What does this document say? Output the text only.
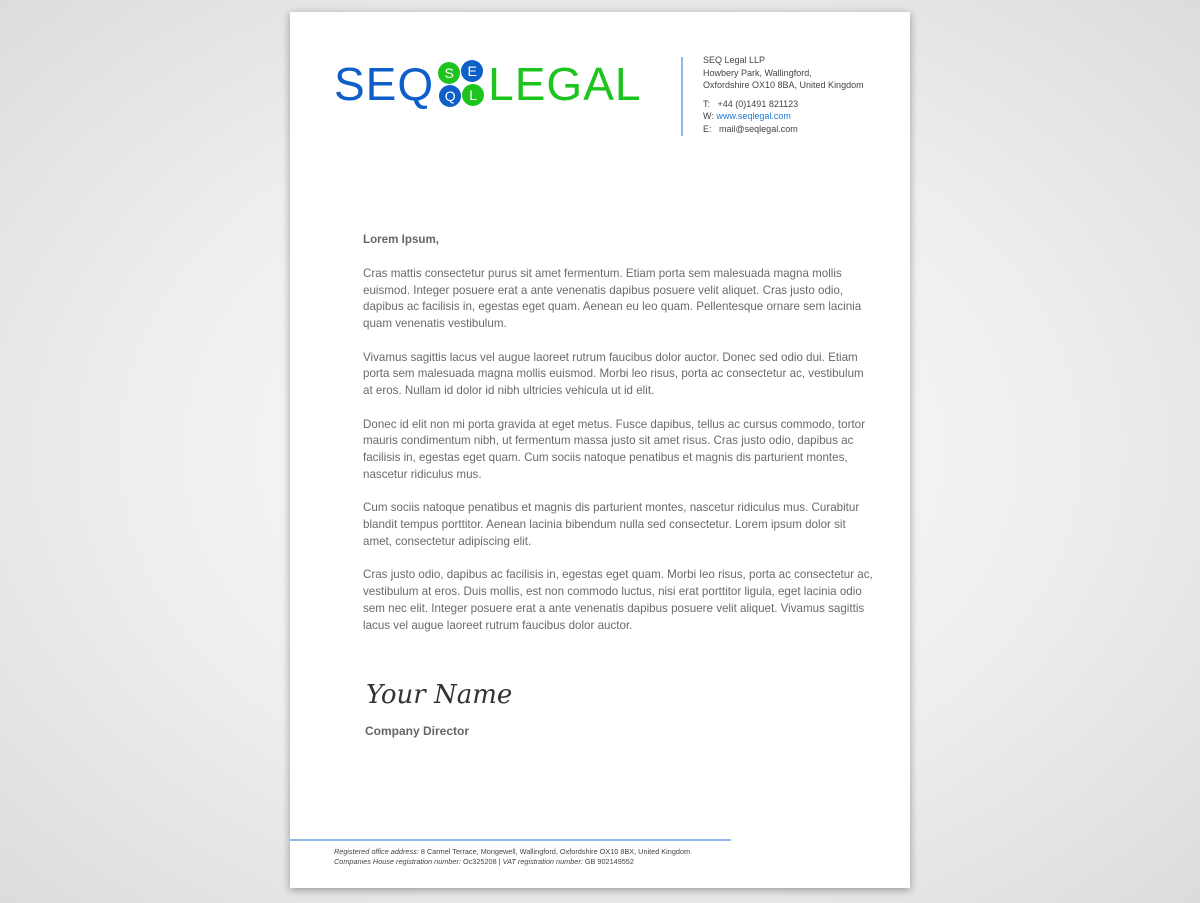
SEQ S E
Q L LEGAL	SEQ Legal LLP
Howbery Park, Wallingford,
Oxfordshire OX10 8BA, United Kingdom
T: +44 (0)1491 821123
W: www.seqlegal.com
E: mail@seqlegal.com
Lorem Ipsum,

Cras mattis consectetur purus sit amet fermentum. Etiam porta sem malesuada magna mollis euismod. Integer posuere erat a ante venenatis dapibus posuere velit aliquet. Cras justo odio, dapibus ac facilisis in, egestas eget quam. Aenean eu leo quam. Pellentesque ornare sem lacinia quam venenatis vestibulum.

Vivamus sagittis lacus vel augue laoreet rutrum faucibus dolor auctor. Donec sed odio dui. Etiam porta sem malesuada magna mollis euismod. Morbi leo risus, porta ac consectetur ac, vestibulum at eros. Nullam id dolor id nibh ultricies vehicula ut id elit.

Donec id elit non mi porta gravida at eget metus. Fusce dapibus, tellus ac cursus commodo, tortor mauris condimentum nibh, ut fermentum massa justo sit amet risus. Cras justo odio, dapibus ac facilisis in, egestas eget quam. Cum sociis natoque penatibus et magnis dis parturient montes, nascetur ridiculus mus.

Cum sociis natoque penatibus et magnis dis parturient montes, nascetur ridiculus mus. Curabitur blandit tempus porttitor. Aenean lacinia bibendum nulla sed consectetur. Lorem ipsum dolor sit amet, consectetur adipiscing elit.

Cras justo odio, dapibus ac facilisis in, egestas eget quam. Morbi leo risus, porta ac consectetur ac, vestibulum at eros. Duis mollis, est non commodo luctus, nisi erat porttitor ligula, eget lacinia odio sem nec elit. Integer posuere erat a ante venenatis dapibus posuere velit aliquet. Vivamus sagittis lacus vel augue laoreet rutrum faucibus dolor auctor.

Your Name
Company Director
Registered office address: 8 Carmel Terrace, Mongewell, Wallingford, Oxfordshire OX10 8BX, United Kingdom
Companies House registration number: Oc325208 | VAT registration number: GB 902149552
